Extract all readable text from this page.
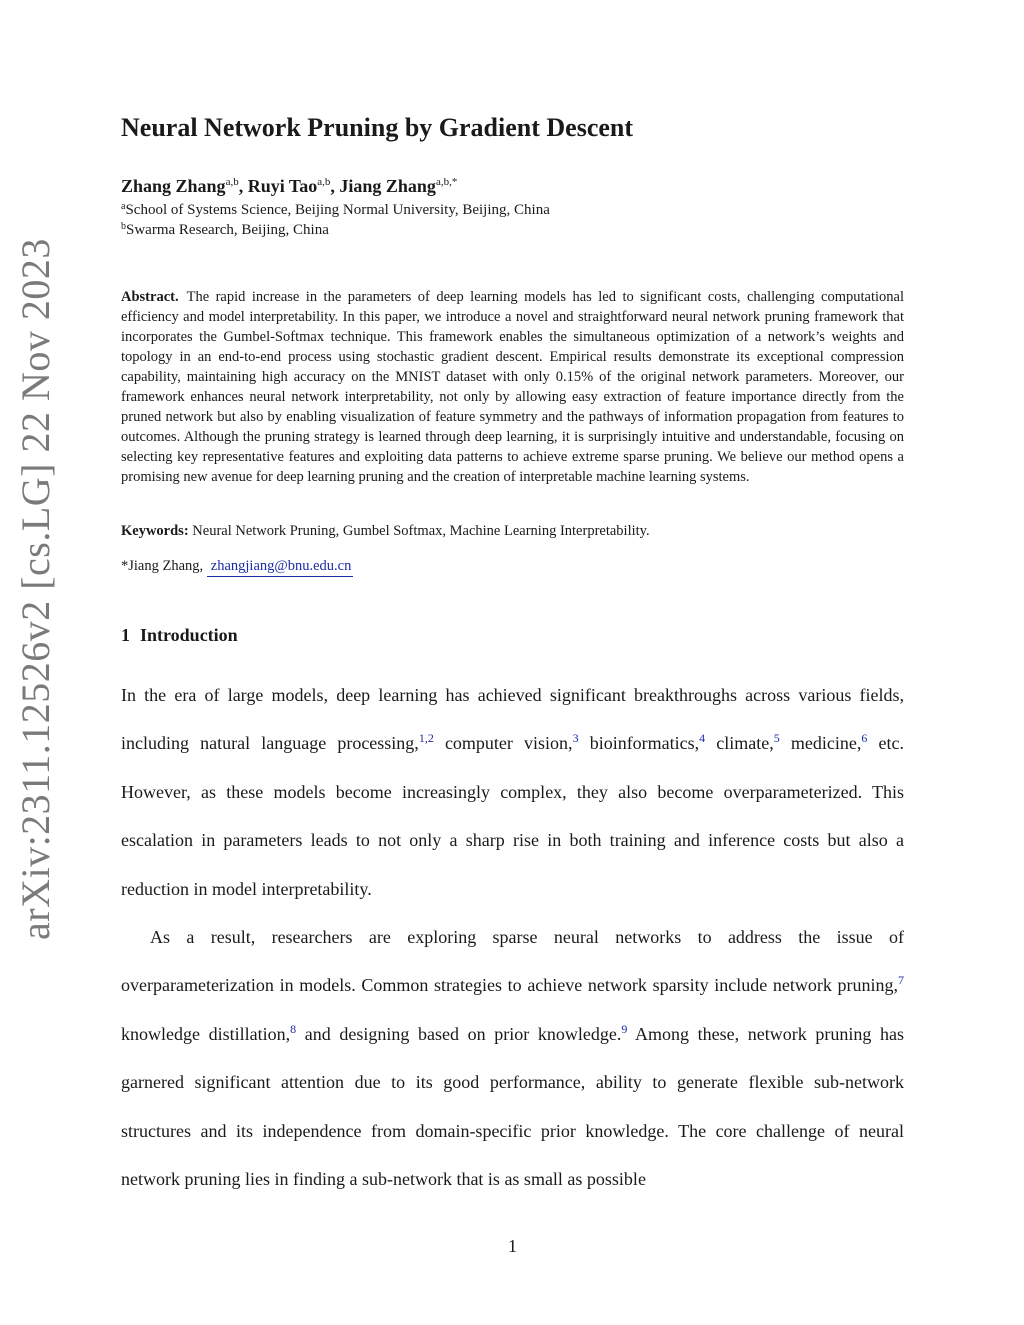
arXiv:2311.12526v2 [cs.LG] 22 Nov 2023
Neural Network Pruning by Gradient Descent
Zhang Zhang$^{a,b}$, Ruyi Tao$^{a,b}$, Jiang Zhang$^{a,b,*}$
$^a$School of Systems Science, Beijing Normal University, Beijing, China
$^b$Swarma Research, Beijing, China

Abstract. The rapid increase in the parameters of deep learning models has led to significant costs, challenging computational efficiency and model interpretability. In this paper, we introduce a novel and straightforward neural network pruning framework that incorporates the Gumbel-Softmax technique. This framework enables the simultaneous optimization of a network’s weights and topology in an end-to-end process using stochastic gradient descent. Empirical results demonstrate its exceptional compression capability, maintaining high accuracy on the MNIST dataset with only 0.15% of the original network parameters. Moreover, our framework enhances neural network interpretability, not only by allowing easy extraction of feature importance directly from the pruned network but also by enabling visualization of feature symmetry and the pathways of information propagation from features to outcomes. Although the pruning strategy is learned through deep learning, it is surprisingly intuitive and understandable, focusing on selecting key representative features and exploiting data patterns to achieve extreme sparse pruning. We believe our method opens a promising new avenue for deep learning pruning and the creation of interpretable machine learning systems.

Keywords: Neural Network Pruning, Gumbel Softmax, Machine Learning Interpretability.
*Jiang Zhang, zhangjiang@bnu.edu.cn
1 Introduction

In the era of large models, deep learning has achieved significant breakthroughs across various fields, including natural language processing,$^{1,2}$ computer vision,$^3$ bioinformatics,$^4$ climate,$^5$ medicine,$^6$ etc. However, as these models become increasingly complex, they also become overparameterized. This escalation in parameters leads to not only a sharp rise in both training and inference costs but also a reduction in model interpretability.

As a result, researchers are exploring sparse neural networks to address the issue of overparameterization in models. Common strategies to achieve network sparsity include network pruning,$^7$ knowledge distillation,$^8$ and designing based on prior knowledge.$^9$ Among these, network pruning has garnered significant attention due to its good performance, ability to generate flexible sub-network structures and its independence from domain-specific prior knowledge. The core challenge of neural network pruning lies in finding a sub-network that is as small as possible

1
